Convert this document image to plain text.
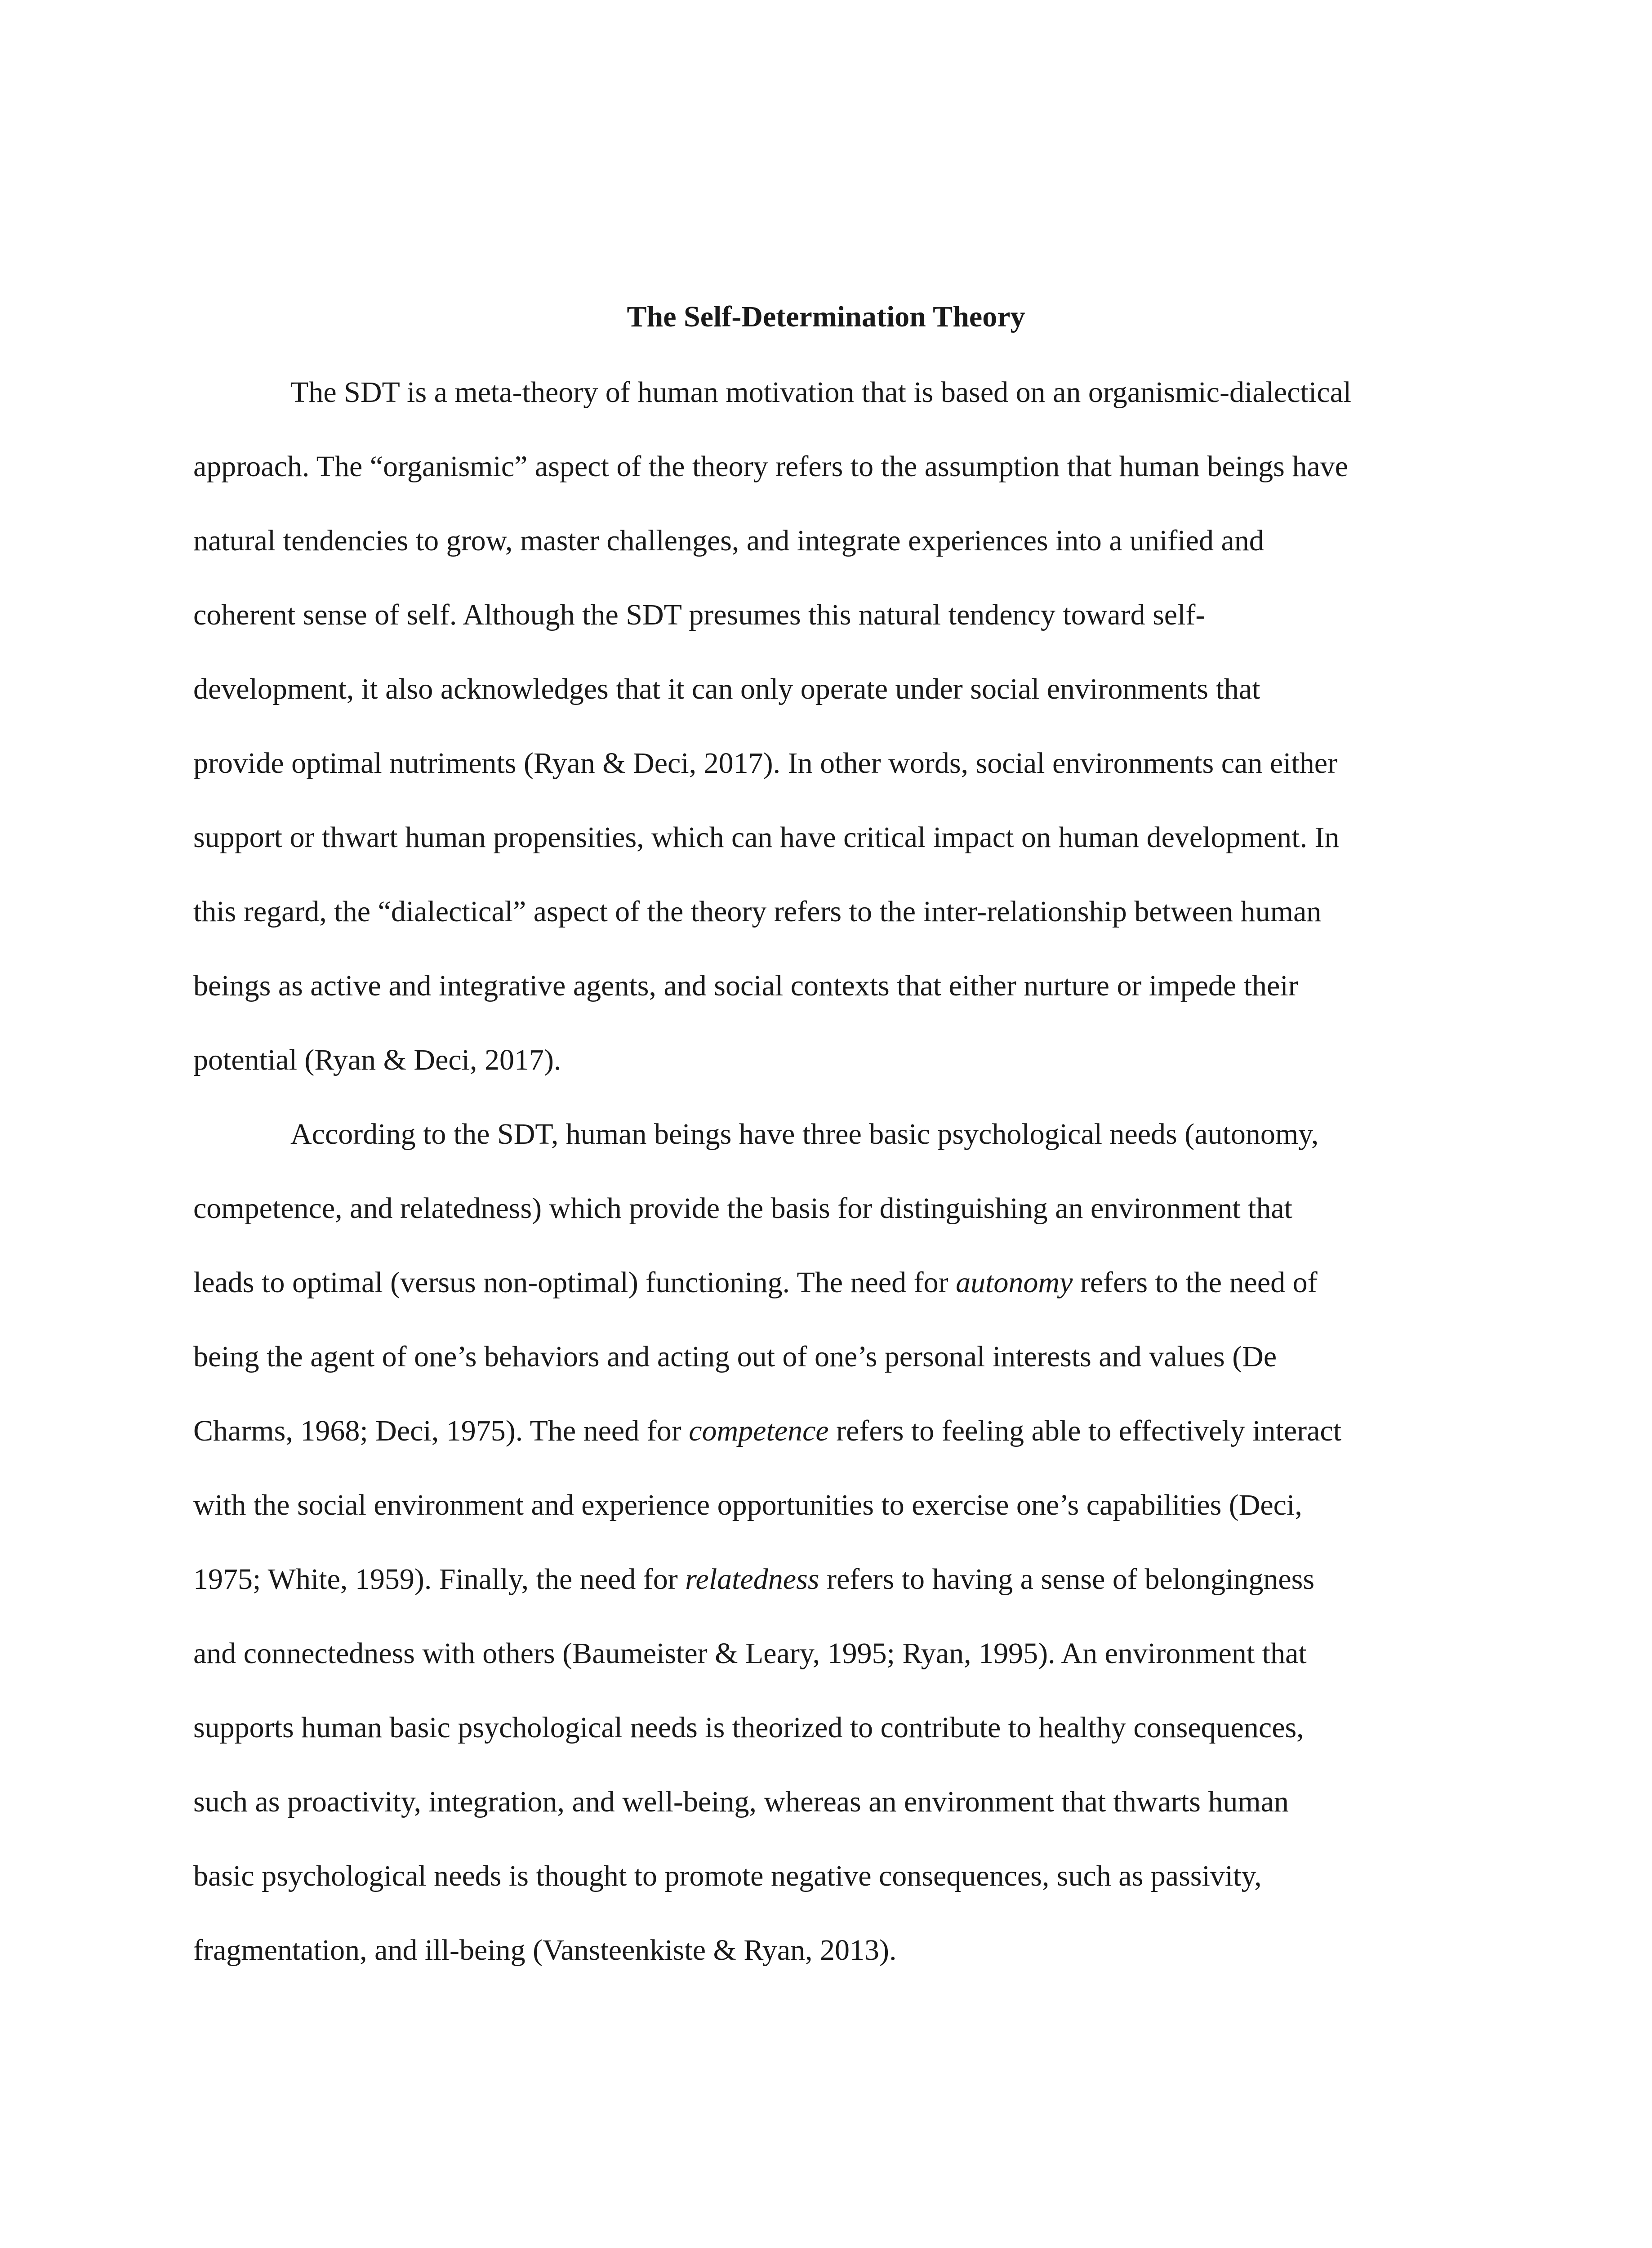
The Self-Determination Theory
The SDT is a meta-theory of human motivation that is based on an organismic-dialectical
approach. The “organismic” aspect of the theory refers to the assumption that human beings have
natural tendencies to grow, master challenges, and integrate experiences into a unified and
coherent sense of self. Although the SDT presumes this natural tendency toward self-
development, it also acknowledges that it can only operate under social environments that
provide optimal nutriments (Ryan & Deci, 2017). In other words, social environments can either
support or thwart human propensities, which can have critical impact on human development. In
this regard, the “dialectical” aspect of the theory refers to the inter-relationship between human
beings as active and integrative agents, and social contexts that either nurture or impede their
potential (Ryan & Deci, 2017).
According to the SDT, human beings have three basic psychological needs (autonomy,
competence, and relatedness) which provide the basis for distinguishing an environment that
leads to optimal (versus non-optimal) functioning. The need for autonomy refers to the need of
being the agent of one’s behaviors and acting out of one’s personal interests and values (De
Charms, 1968; Deci, 1975). The need for competence refers to feeling able to effectively interact
with the social environment and experience opportunities to exercise one’s capabilities (Deci,
1975; White, 1959). Finally, the need for relatedness refers to having a sense of belongingness
and connectedness with others (Baumeister & Leary, 1995; Ryan, 1995). An environment that
supports human basic psychological needs is theorized to contribute to healthy consequences,
such as proactivity, integration, and well-being, whereas an environment that thwarts human
basic psychological needs is thought to promote negative consequences, such as passivity,
fragmentation, and ill-being (Vansteenkiste & Ryan, 2013).
